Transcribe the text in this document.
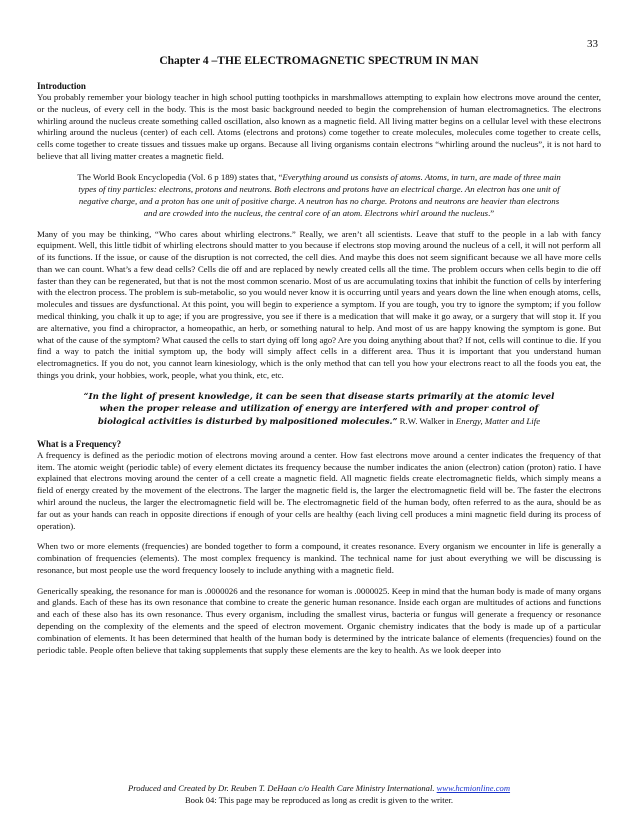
33
Chapter 4 –THE ELECTROMAGNETIC SPECTRUM IN MAN
Introduction

You probably remember your biology teacher in high school putting toothpicks in marshmallows attempting to explain how electrons move around the center, or the nucleus, of every cell in the body. This is the most basic background needed to begin the comprehension of human electromagnetics. The electrons whirling around the nucleus create something called oscillation, also known as a magnetic field. All living matter begins on a cellular level with these electrons whirling around the nucleus (center) of each cell. Atoms (electrons and protons) come together to create molecules, molecules come together to create cells, cells come together to create tissues and tissues make up organs. Because all living organisms contain electrons “whirling around the nucleus”, it is not hard to believe that all living matter creates a magnetic field.

The World Book Encyclopedia (Vol. 6 p 189) states that, “Everything around us consists of atoms. Atoms, in turn, are made of three main types of tiny particles: electrons, protons and neutrons. Both electrons and protons have an electrical charge. An electron has one unit of negative charge, and a proton has one unit of positive charge. A neutron has no charge. Protons and neutrons are heavier than electrons and are crowded into the nucleus, the central core of an atom. Electrons whirl around the nucleus.”

Many of you may be thinking, “Who cares about whirling electrons.” Really, we aren’t all scientists. Leave that stuff to the people in a lab with fancy equipment. Well, this little tidbit of whirling electrons should matter to you because if electrons stop moving around the nucleus of a cell, it will not perform all of its functions. If the issue, or cause of the disruption is not corrected, the cell dies. And maybe this does not seem significant because we all have more cells than we can count. What’s a few dead cells? Cells die off and are replaced by newly created cells all the time. The problem occurs when cells begin to die off faster than they can be regenerated, but that is not the most common scenario. Most of us are accumulating toxins that inhibit the function of cells by interfering with the electron process. The problem is sub-metabolic, so you would never know it is occurring until years and years down the line when enough atoms, cells, molecules and tissues are dysfunctional. At this point, you will begin to experience a symptom. If you are tough, you try to ignore the symptom; if you follow medical thinking, you chalk it up to age; if you are progressive, you see if there is a medication that will make it go away, or a surgery that will stop it. If you are alternative, you find a chiropractor, a homeopathic, an herb, or something natural to help. And most of us are happy knowing the symptom is gone. But what of the cause of the symptom? What caused the cells to start dying off long ago? Are you doing anything about that? If not, cells will continue to die. If you find a way to patch the initial symptom up, the body will simply affect cells in a different area. Thus it is important that you understand human electromagnetics. If you do not, you cannot learn kinesiology, which is the only method that can tell you how your electrons react to all the foods you eat, the things you drink, your hobbies, work, people, what you think, etc, etc.

“In the light of present knowledge, it can be seen that disease starts primarily at the atomic level when the proper release and utilization of energy are interfered with and proper control of biological activities is disturbed by malpositioned molecules.” R.W. Walker in Energy, Matter and Life

What is a Frequency?

A frequency is defined as the periodic motion of electrons moving around a center. How fast electrons move around a center indicates the frequency of that item. The atomic weight (periodic table) of every element dictates its frequency because the number indicates the anion (electron) cation (proton) ratio. I have explained that electrons moving around the center of a cell create a magnetic field. All magnetic fields create electromagnetic fields, which simply means a field of energy created by the movement of the electrons. The larger the magnetic field is, the larger the electromagnetic field will be. The faster the electrons whirl around the nucleus, the larger the electromagnetic field will be. The electromagnetic field of the human body, often referred to as the aura, should be as far out as your hands can reach in opposite directions if enough of your cells are healthy (each living cell produces a mini magnetic field during its process of operation).

When two or more elements (frequencies) are bonded together to form a compound, it creates resonance. Every organism we encounter in life is generally a combination of frequencies (elements). The most complex frequency is mankind. The technical name for just about everything we will be discussing is resonance, but most people use the word frequency loosely to include anything with a magnetic field.

Generically speaking, the resonance for man is .0000026 and the resonance for woman is .0000025. Keep in mind that the human body is made of many organs and glands. Each of these has its own resonance that combine to create the generic human resonance. Inside each organ are multitudes of actions and functions and each of these also has its own resonance. Thus every organism, including the smallest virus, bacteria or fungus will generate a frequency or resonance depending on the complexity of the elements and the speed of electron movement. Organic chemistry indicates that the body is made up of a particular combination of elements. It has been determined that health of the human body is determined by the intricate balance of elements (frequencies) found on the periodic table. People often believe that taking supplements that supply these elements are the key to health. As we look deeper into

Produced and Created by Dr. Reuben T. DeHaan c/o Health Care Ministry International. www.hcmionline.com
Book 04: This page may be reproduced as long as credit is given to the writer.
